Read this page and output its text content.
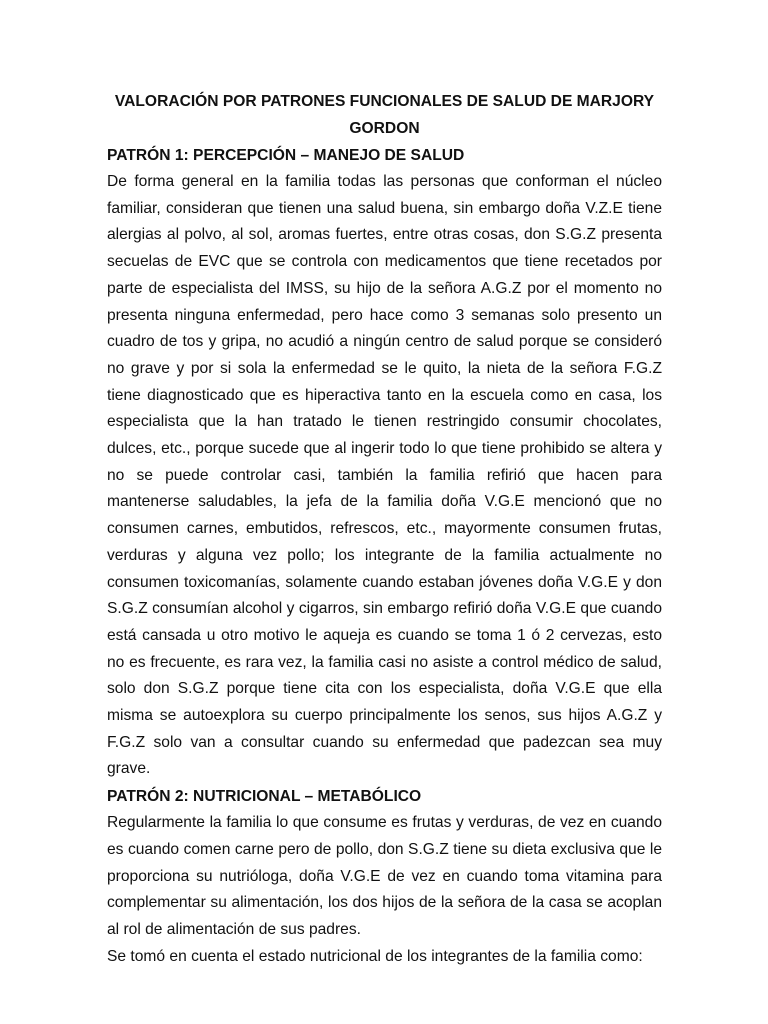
VALORACIÓN POR PATRONES FUNCIONALES DE SALUD DE MARJORY GORDON
PATRÓN 1: PERCEPCIÓN – MANEJO DE SALUD

De forma general en la familia todas las personas que conforman el núcleo familiar, consideran que tienen una salud buena, sin embargo doña V.Z.E tiene alergias al polvo, al sol, aromas fuertes, entre otras cosas, don S.G.Z presenta secuelas de EVC que se controla con medicamentos que tiene recetados por parte de especialista del IMSS, su hijo de la señora A.G.Z por el momento no presenta ninguna enfermedad, pero hace como 3 semanas solo presento un cuadro de tos y gripa, no acudió a ningún centro de salud porque se consideró no grave y por si sola la enfermedad se le quito, la nieta de la señora F.G.Z tiene diagnosticado que es hiperactiva tanto en la escuela como en casa, los especialista que la han tratado le tienen restringido consumir chocolates, dulces, etc., porque sucede que al ingerir todo lo que tiene prohibido se altera y no se puede controlar casi, también la familia refirió que hacen para mantenerse saludables, la jefa de la familia doña V.G.E mencionó que no consumen carnes, embutidos, refrescos, etc., mayormente consumen frutas, verduras y alguna vez pollo; los integrante de la familia actualmente no consumen toxicomanías, solamente cuando estaban jóvenes doña V.G.E y don S.G.Z consumían alcohol y cigarros, sin embargo refirió doña V.G.E que cuando está cansada u otro motivo le aqueja es cuando se toma 1 ó 2 cervezas, esto no es frecuente, es rara vez, la familia casi no asiste a control médico de salud, solo don S.G.Z porque tiene cita con los especialista, doña V.G.E que ella misma se autoexplora su cuerpo principalmente los senos, sus hijos A.G.Z y F.G.Z solo van a consultar cuando su enfermedad que padezcan sea muy grave.

PATRÓN 2: NUTRICIONAL – METABÓLICO

Regularmente la familia lo que consume es frutas y verduras, de vez en cuando es cuando comen carne pero de pollo, don S.G.Z tiene su dieta exclusiva que le proporciona su nutrióloga, doña V.G.E de vez en cuando toma vitamina para complementar su alimentación, los dos hijos de la señora de la casa se acoplan al rol de alimentación de sus padres.

Se tomó en cuenta el estado nutricional de los integrantes de la familia como:
